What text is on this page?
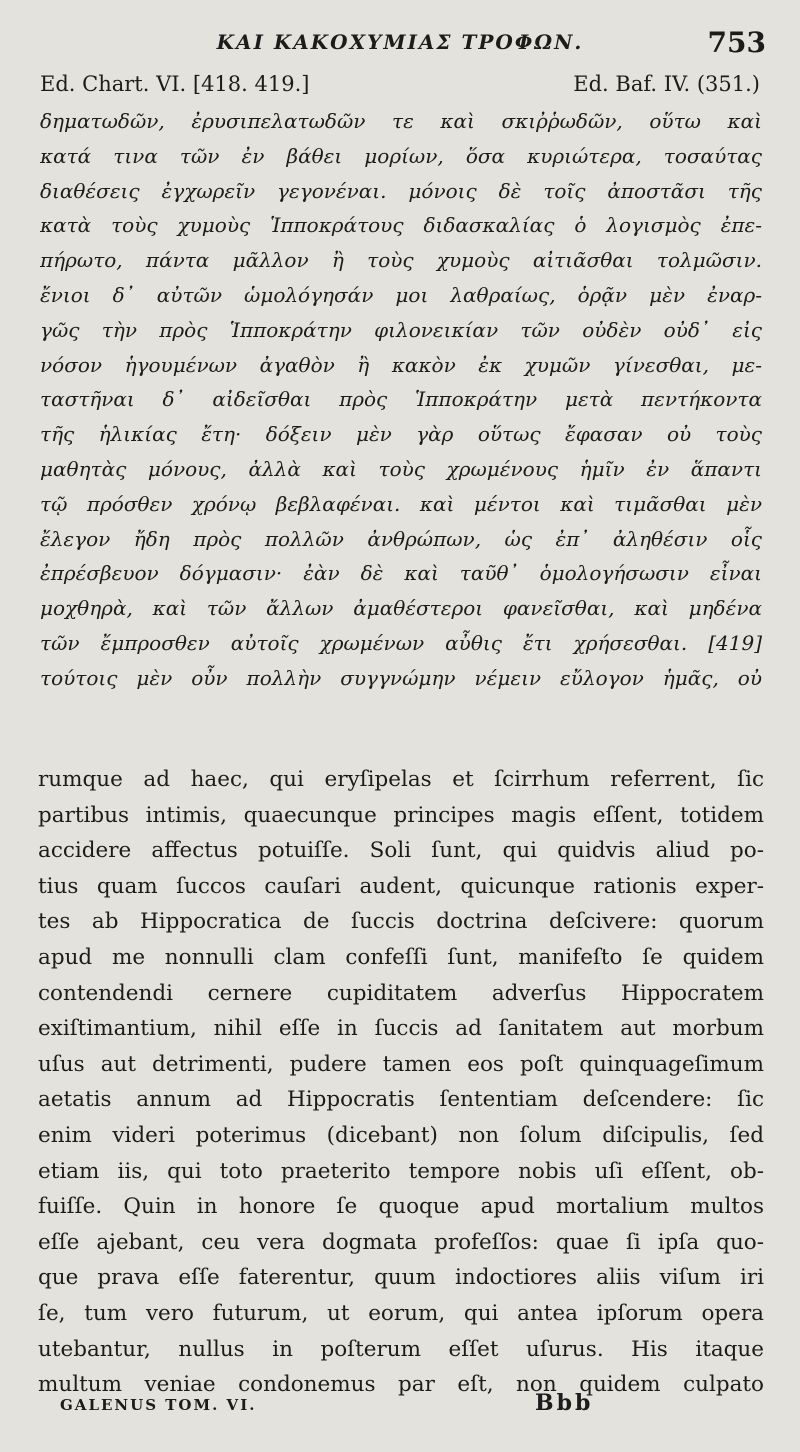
ΚΑΙ ΚΑΚΟΧΥΜΙΑΣ ΤΡΟΦΩΝ.	753
Ed. Chart. VI. [418. 419.]	Ed. Baf. IV. (351.)
δηματωδῶν, ἐρυσιπελατωδῶν τε καὶ σκιῤῥωδῶν, οὕτω καὶ
κατά τινα τῶν ἐν βάθει μορίων, ὅσα κυριώτερα, τοσαύτας
διαθέσεις ἐγχωρεῖν γεγονέναι. μόνοις δὲ τοῖς ἀποστᾶσι τῆς
κατὰ τοὺς χυμοὺς Ἱπποκράτους διδασκαλίας ὁ λογισμὸς ἐπε-
πήρωτο, πάντα μᾶλλον ἢ τοὺς χυμοὺς αἰτιᾶσθαι τολμῶσιν.
ἔνιοι δ᾽ αὐτῶν ὡμολόγησάν μοι λαθραίως, ὁρᾷν μὲν ἐναρ-
γῶς τὴν πρὸς Ἱπποκράτην φιλονεικίαν τῶν οὐδὲν οὐδ᾽ εἰς
νόσον ἡγουμένων ἀγαθὸν ἢ κακὸν ἐκ χυμῶν γίνεσθαι, με-
ταστῆναι δ᾽ αἰδεῖσθαι πρὸς Ἱπποκράτην μετὰ πεντήκοντα
τῆς ἡλικίας ἔτη· δόξειν μὲν γὰρ οὕτως ἔφασαν οὐ τοὺς
μαθητὰς μόνους, ἀλλὰ καὶ τοὺς χρωμένους ἡμῖν ἐν ἅπαντι
τῷ πρόσθεν χρόνῳ βεβλαφέναι. καὶ μέντοι καὶ τιμᾶσθαι μὲν
ἔλεγον ἤδη πρὸς πολλῶν ἀνθρώπων, ὡς ἐπ᾽ ἀληθέσιν οἷς
ἐπρέσβευον δόγμασιν· ἐὰν δὲ καὶ ταῦθ᾽ ὁμολογήσωσιν εἶναι
μοχθηρὰ, καὶ τῶν ἄλλων ἀμαθέστεροι φανεῖσθαι, καὶ μηδένα
τῶν ἔμπροσθεν αὐτοῖς χρωμένων αὖθις ἔτι χρήσεσθαι. [419]
τούτοις μὲν οὖν πολλὴν συγγνώμην νέμειν εὔλογον ἡμᾶς, οὐ
rumque ad haec, qui eryſipelas et ſcirrhum referrent, ſic
partibus intimis, quaecunque principes magis eſſent, totidem
accidere affectus potuiſſe. Soli ſunt, qui quidvis aliud po-
tius quam ſuccos cauſari audent, quicunque rationis exper-
tes ab Hippocratica de ſuccis doctrina deſcivere: quorum
apud me nonnulli clam confeſſi ſunt, manifeſto ſe quidem
contendendi cernere cupiditatem adverſus Hippocratem
exiſtimantium, nihil eſſe in ſuccis ad ſanitatem aut morbum
uſus aut detrimenti, pudere tamen eos poſt quinquageſimum
aetatis annum ad Hippocratis ſententiam deſcendere: ſic
enim videri poterimus (dicebant) non ſolum diſcipulis, ſed
etiam iis, qui toto praeterito tempore nobis uſi eſſent, ob-
fuiſſe. Quin in honore ſe quoque apud mortalium multos
eſſe ajebant, ceu vera dogmata profeſſos: quae ſi ipſa quo-
que prava eſſe faterentur, quum indoctiores aliis viſum iri
ſe, tum vero futurum, ut eorum, qui antea ipſorum opera
utebantur, nullus in poſterum eſſet uſurus. His itaque
multum veniae condonemus par eſt, non quidem culpato
GALENUS TOM. VI.	Bbb
